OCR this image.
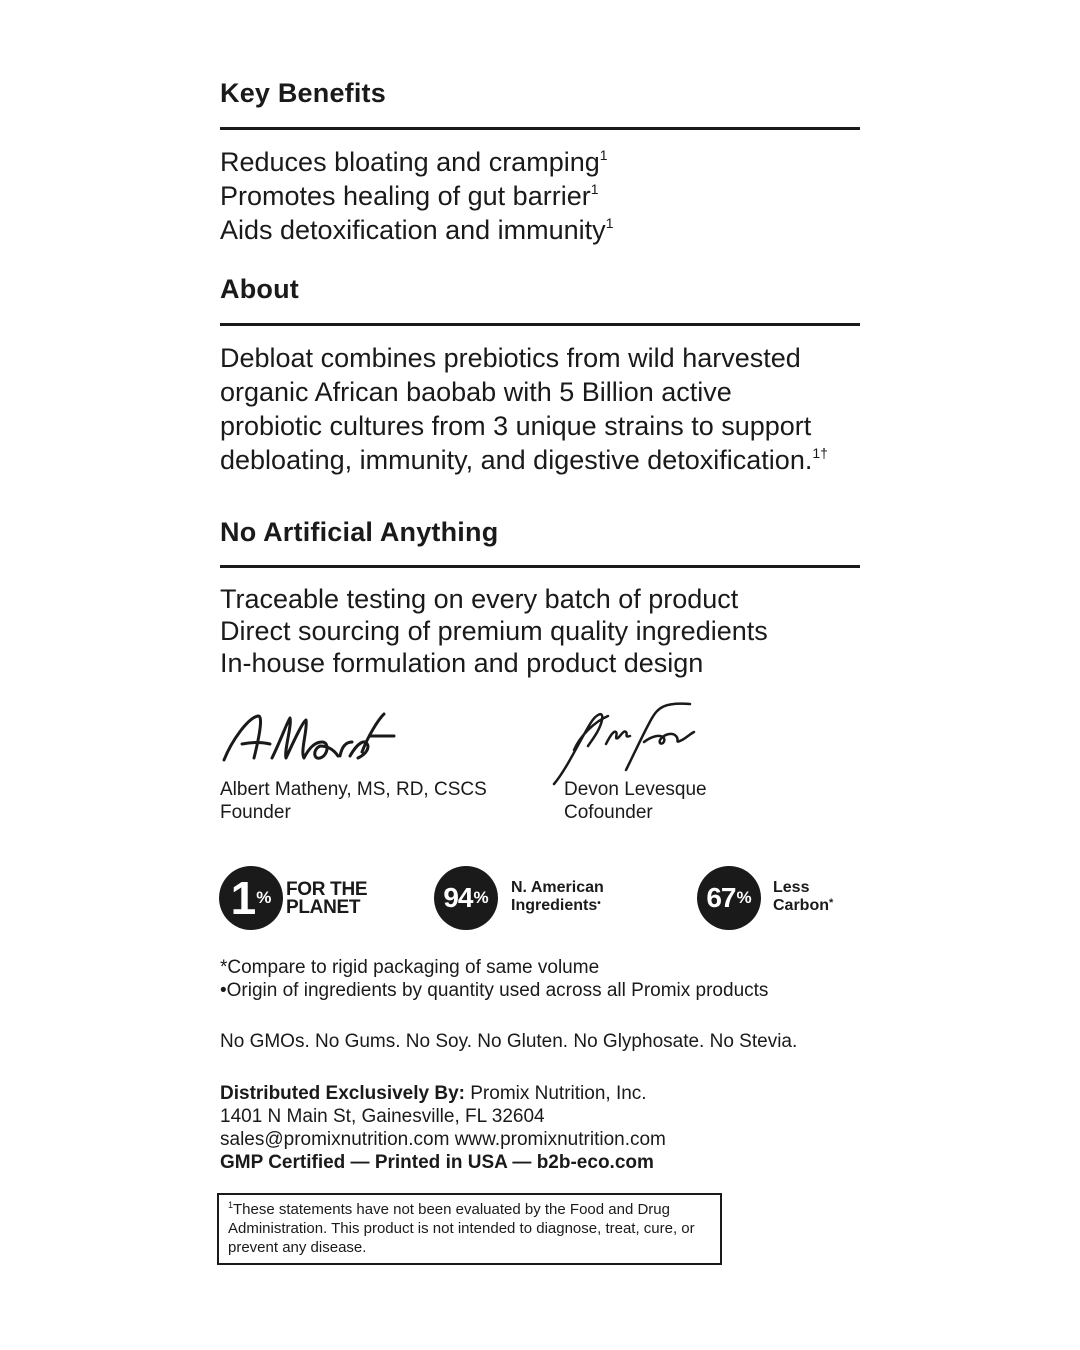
Key Benefits
Reduces bloating and cramping$^1$
Promotes healing of gut barrier$^1$
Aids detoxification and immunity$^1$
About
Debloat combines prebiotics from wild harvested
organic African baobab with 5 Billion active
probiotic cultures from 3 unique strains to support
debloating, immunity, and digestive detoxification.$^{1\dagger}$
No Artificial Anything
Traceable testing on every batch of product
Direct sourcing of premium quality ingredients
In-house formulation and product design
Albert Matheny, MS, RD, CSCS
Founder
Devon Levesque
Cofounder
1 % FOR THE
PLANET	94 %
N. American
Ingredients•	67 %
Less
Carbon*
*Compare to rigid packaging of same volume
•Origin of ingredients by quantity used across all Promix products
No GMOs. No Gums. No Soy. No Gluten. No Glyphosate. No Stevia.
Distributed Exclusively By: Promix Nutrition, Inc.
1401 N Main St, Gainesville, FL 32604
sales@promixnutrition.com www.promixnutrition.com
GMP Certified — Printed in USA — b2b-eco.com
$^1$These statements have not been evaluated by the Food and Drug Administration. This product is not intended to diagnose, treat, cure, or prevent any disease.
